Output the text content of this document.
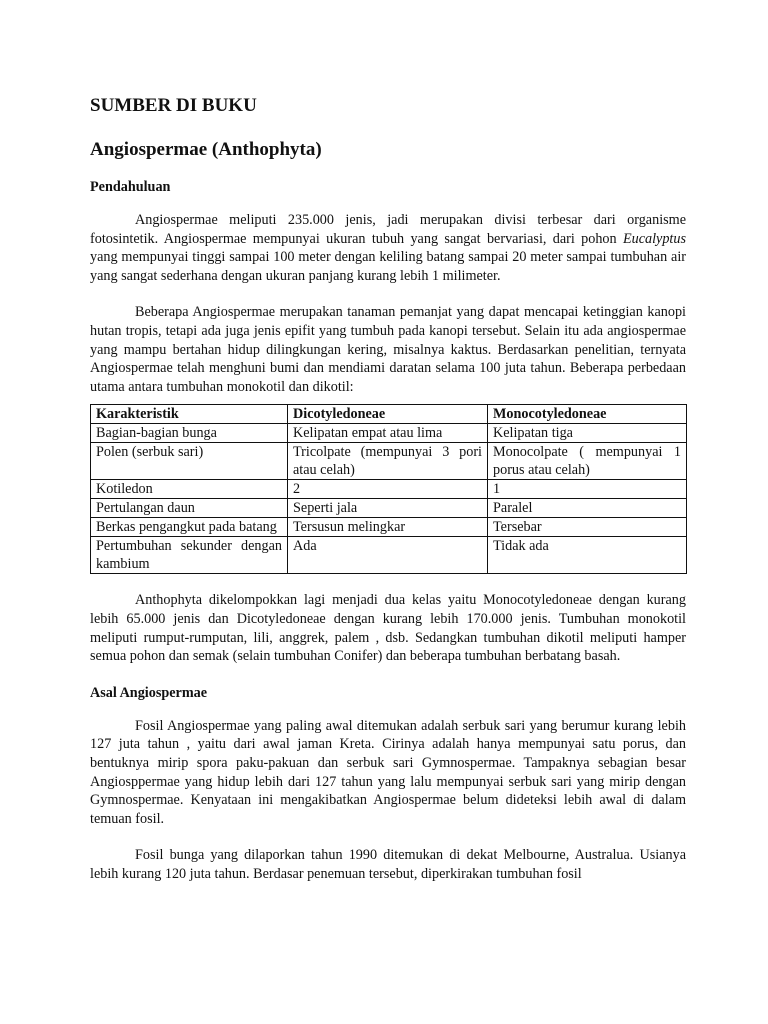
SUMBER DI BUKU
Angiospermae (Anthophyta)
Pendahuluan

Angiospermae meliputi 235.000 jenis, jadi merupakan divisi terbesar dari organisme fotosintetik. Angiospermae mempunyai ukuran tubuh yang sangat bervariasi, dari pohon Eucalyptus yang mempunyai tinggi sampai 100 meter dengan keliling batang sampai 20 meter sampai tumbuhan air yang sangat sederhana dengan ukuran panjang kurang lebih 1 milimeter.

Beberapa Angiospermae merupakan tanaman pemanjat yang dapat mencapai ketinggian kanopi hutan tropis, tetapi ada juga jenis epifit yang tumbuh pada kanopi tersebut. Selain itu ada angiospermae yang mampu bertahan hidup dilingkungan kering, misalnya kaktus. Berdasarkan penelitian, ternyata Angiospermae telah menghuni bumi dan mendiami daratan selama 100 juta tahun. Beberapa perbedaan utama antara tumbuhan monokotil dan dikotil:

Karakteristik	Dicotyledoneae	Monocotyledoneae
Bagian-bagian bunga	Kelipatan empat atau lima	Kelipatan tiga
Polen (serbuk sari)	Tricolpate (mempunyai 3 pori atau celah)	Monocolpate ( mempunyai 1 porus atau celah)
Kotiledon	2	1
Pertulangan daun	Seperti jala	Paralel
Berkas pengangkut pada batang	Tersusun melingkar	Tersebar
Pertumbuhan sekunder dengan kambium	Ada	Tidak ada

Anthophyta dikelompokkan lagi menjadi dua kelas yaitu Monocotyledoneae dengan kurang lebih 65.000 jenis dan Dicotyledoneae dengan kurang lebih 170.000 jenis. Tumbuhan monokotil meliputi rumput-rumputan, lili, anggrek, palem , dsb. Sedangkan tumbuhan dikotil meliputi hamper semua pohon dan semak (selain tumbuhan Conifer) dan beberapa tumbuhan berbatang basah.

Asal Angiospermae

Fosil Angiospermae yang paling awal ditemukan adalah serbuk sari yang berumur kurang lebih 127 juta tahun , yaitu dari awal jaman Kreta. Cirinya adalah hanya mempunyai satu porus, dan bentuknya mirip spora paku-pakuan dan serbuk sari Gymnospermae. Tampaknya sebagian besar Angiosppermae yang hidup lebih dari 127 tahun yang lalu mempunyai serbuk sari yang mirip dengan Gymnospermae. Kenyataan ini mengakibatkan Angiospermae belum dideteksi lebih awal di dalam temuan fosil.

Fosil bunga yang dilaporkan tahun 1990 ditemukan di dekat Melbourne, Australua. Usianya lebih kurang 120 juta tahun. Berdasar penemuan tersebut, diperkirakan tumbuhan fosil
